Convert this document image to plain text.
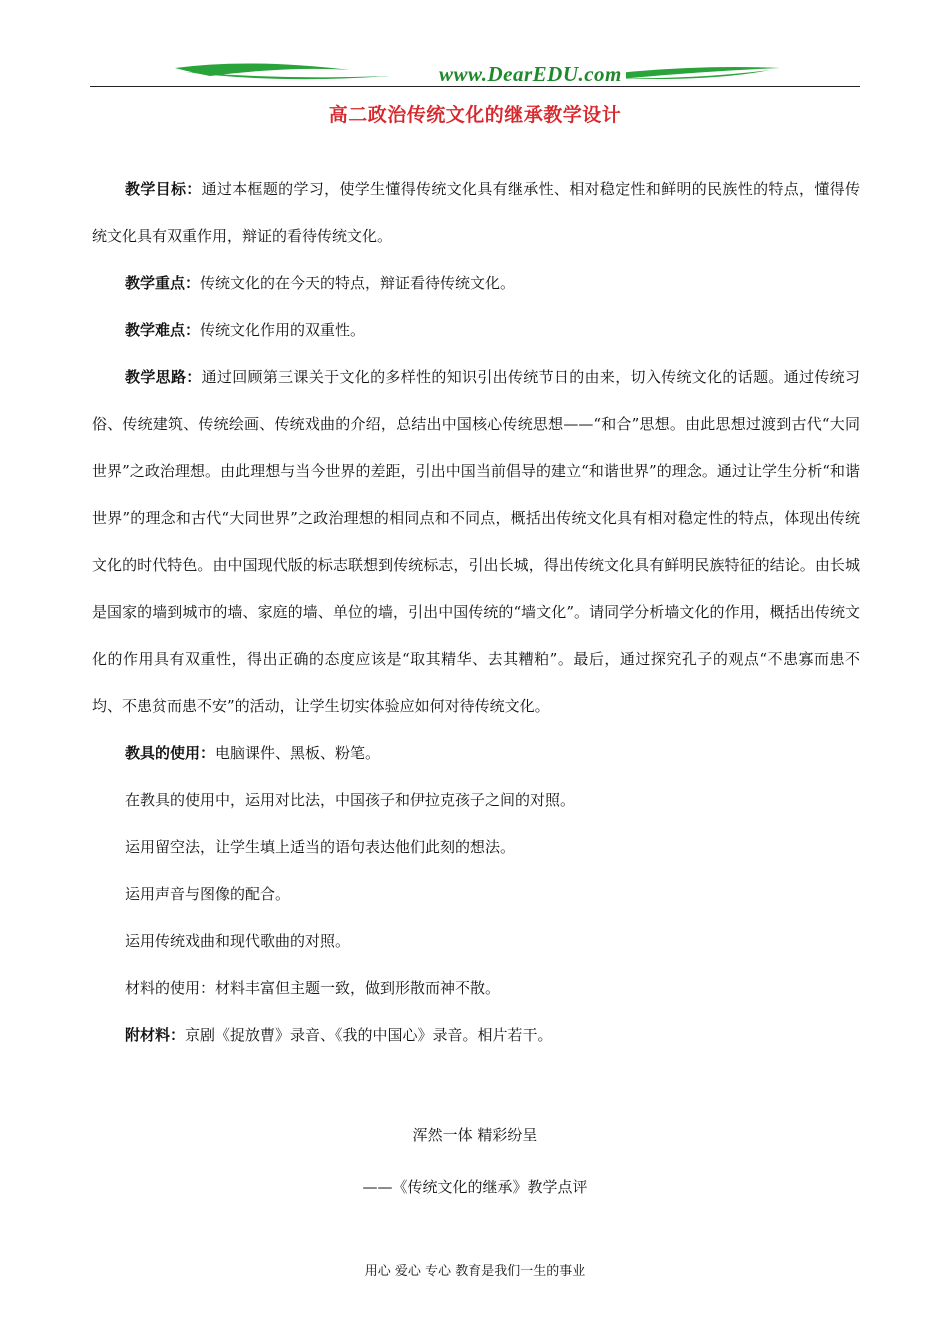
www.DearEDU.com
高二政治传统文化的继承教学设计

教学目标：通过本框题的学习，使学生懂得传统文化具有继承性、相对稳定性和鲜明的民族性的特点，懂得传统文化具有双重作用，辩证的看待传统文化。

教学重点：传统文化的在今天的特点，辩证看待传统文化。

教学难点：传统文化作用的双重性。

教学思路：通过回顾第三课关于文化的多样性的知识引出传统节日的由来，切入传统文化的话题。通过传统习俗、传统建筑、传统绘画、传统戏曲的介绍，总结出中国核心传统思想——“和合”思想。由此思想过渡到古代“大同世界”之政治理想。由此理想与当今世界的差距，引出中国当前倡导的建立“和谐世界”的理念。通过让学生分析“和谐世界”的理念和古代“大同世界”之政治理想的相同点和不同点，概括出传统文化具有相对稳定性的特点，体现出传统文化的时代特色。由中国现代版的标志联想到传统标志，引出长城，得出传统文化具有鲜明民族特征的结论。由长城是国家的墙到城市的墙、家庭的墙、单位的墙，引出中国传统的“墙文化”。请同学分析墙文化的作用，概括出传统文化的作用具有双重性，得出正确的态度应该是“取其精华、去其糟粕”。最后，通过探究孔子的观点“不患寡而患不均、不患贫而患不安”的活动，让学生切实体验应如何对待传统文化。

教具的使用：电脑课件、黑板、粉笔。

在教具的使用中，运用对比法，中国孩子和伊拉克孩子之间的对照。

运用留空法，让学生填上适当的语句表达他们此刻的想法。

运用声音与图像的配合。

运用传统戏曲和现代歌曲的对照。

材料的使用：材料丰富但主题一致，做到形散而神不散。

附材料：京剧《捉放曹》录音、《我的中国心》录音。相片若干。

浑然一体 精彩纷呈
——《传统文化的继承》教学点评
用心 爱心 专心 教育是我们一生的事业
